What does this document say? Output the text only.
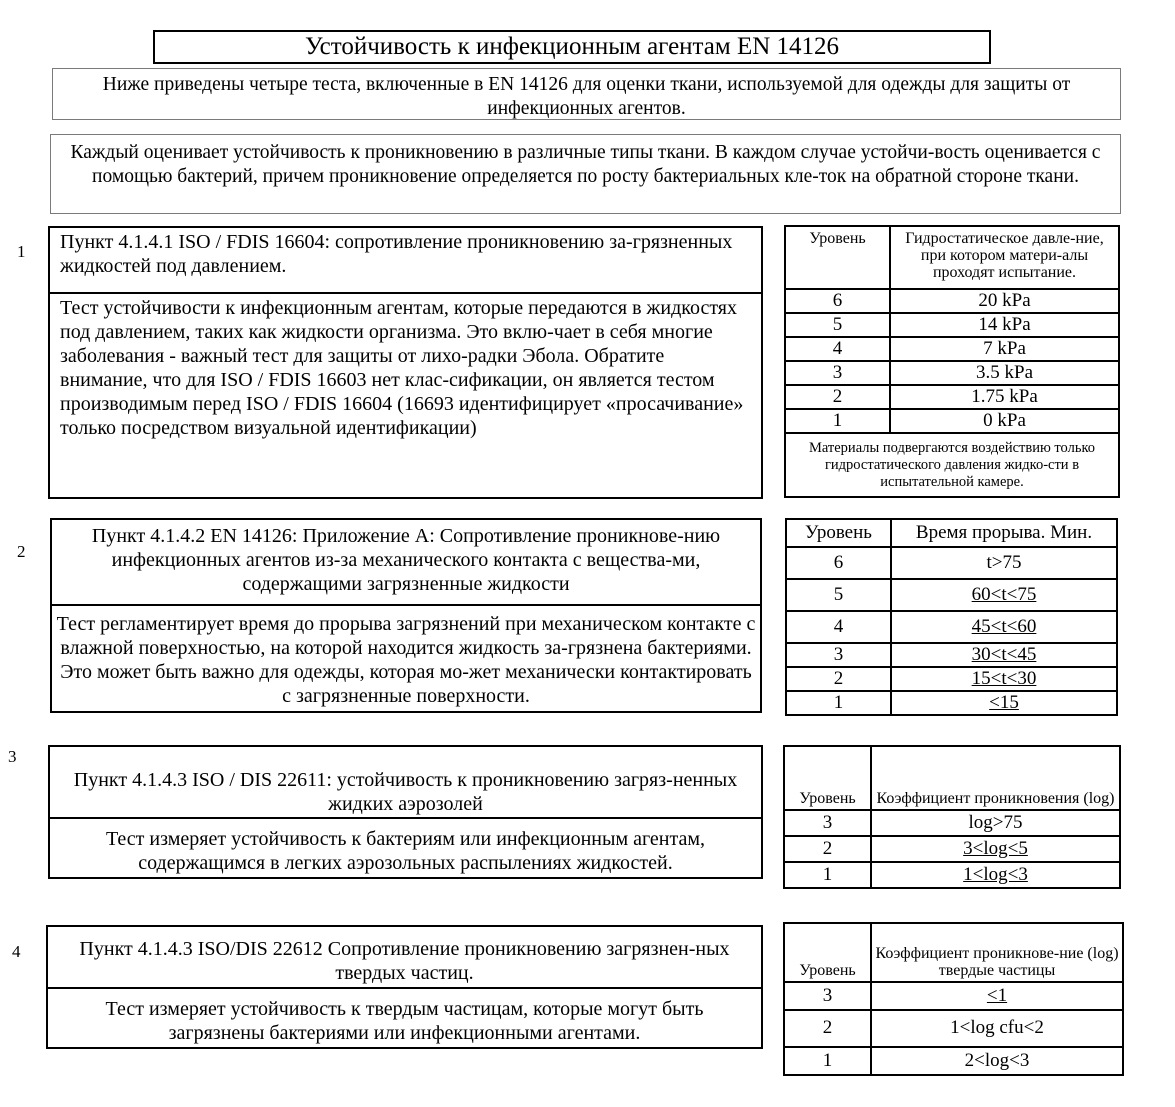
Устойчивость к инфекционным агентам EN 14126
Ниже приведены четыре теста, включенные в EN 14126 для оценки ткани, используемой для одежды для защиты от инфекционных агентов.
Каждый оценивает устойчивость к проникновению в различные типы ткани. В каждом случае устойчи-вость оценивается с помощью бактерий, причем проникновение определяется по росту бактериальных кле-ток на обратной стороне ткани.
1	Пункт 4.1.4.1 ISO / FDIS 16604: сопротивление проникновению за-грязненных жидкостей под давлением.
Тест устойчивости к инфекционным агентам, которые передаются в жидкостях под давлением, таких как жидкости организма. Это вклю-чает в себя многие заболевания - важный тест для защиты от лихо-радки Эбола. Обратите внимание, что для ISO / FDIS 16603 нет клас-сификации, он является тестом производимым перед ISO / FDIS 16604 (16693 идентифицирует «просачивание» только посредством визуальной идентификации)
Уровень	Гидростатическое давле-ние, при котором матери-алы проходят испытание.
6	20 kPa
5	14 kPa
4	7 kPa
3	3.5 kPa
2	1.75 kPa
1	0 kPa
Материалы подвергаются воздействию только гидростатического давления жидко-сти в испытательной камере.	
2
Пункт 4.1.4.2 EN 14126: Приложение А: Сопротивление проникнове-нию инфекционных агентов из-за механического контакта с вещества-ми, содержащими загрязненные жидкости
Тест регламентирует время до прорыва загрязнений при механическом контакте с влажной поверхностью, на которой находится жидкость за-грязнена бактериями. Это может быть важно для одежды, которая мо-жет механически контактировать с загрязненные поверхности.
Уровень	Время прорыва. Мин.
6	t>75
5	60<t<75
4	45<t<60
3	30<t<45
2	15<t<30
1	<15
3
Пункт 4.1.4.3 ISO / DIS 22611: устойчивость к проникновению загряз-ненных жидких аэрозолей
Тест измеряет устойчивость к бактериям или инфекционным агентам, содержащимся в легких аэрозольных распылениях жидкостей.
Уровень	Коэффициент проникновения (log)
3	log>75
2	3<log<5
1	1<log<3
4	Пункт 4.1.4.3 ISO/DIS 22612 Сопротивление проникновению загрязнен-ных твердых частиц.
Тест измеряет устойчивость к твердым частицам, которые могут быть загрязнены бактериями или инфекционными агентами.
Уровень	Коэффициент проникнове-ние (log) твердые частицы
3	<1
2	1<log cfu<2
1	2<log<3
